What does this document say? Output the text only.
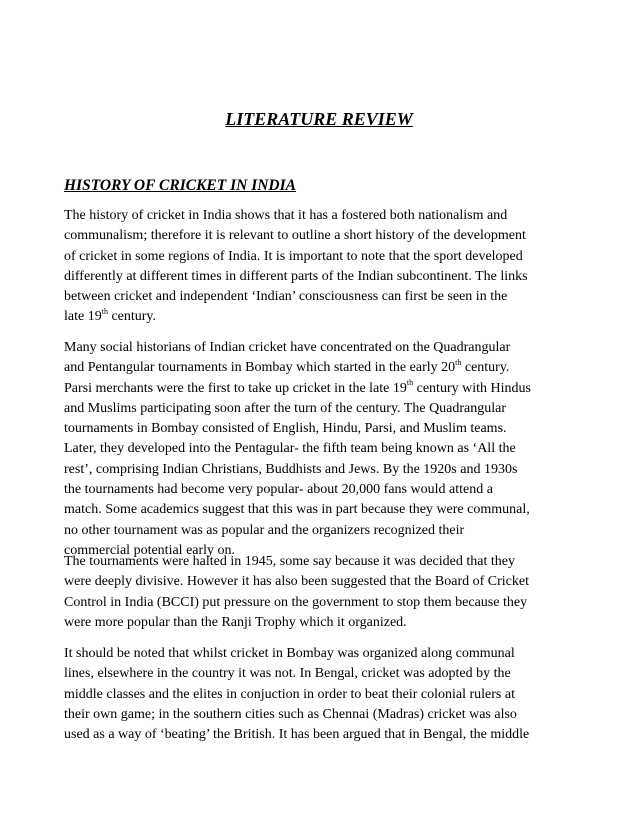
LITERATURE REVIEW
HISTORY OF CRICKET IN INDIA
The history of cricket in India shows that it has a fostered both nationalism and
communalism; therefore it is relevant to outline a short history of the development
of cricket in some regions of India. It is important to note that the sport developed
differently at different times in different parts of the Indian subcontinent. The links
between cricket and independent ‘Indian’ consciousness can first be seen in the
late 19th century.
Many social historians of Indian cricket have concentrated on the Quadrangular
and Pentangular tournaments in Bombay which started in the early 20th century.
Parsi merchants were the first to take up cricket in the late 19th century with Hindus
and Muslims participating soon after the turn of the century. The Quadrangular
tournaments in Bombay consisted of English, Hindu, Parsi, and Muslim teams.
Later, they developed into the Pentagular- the fifth team being known as ‘All the
rest’, comprising Indian Christians, Buddhists and Jews. By the 1920s and 1930s
the tournaments had become very popular- about 20,000 fans would attend a
match. Some academics suggest that this was in part because they were communal,
no other tournament was as popular and the organizers recognized their
commercial potential early on.
The tournaments were halted in 1945, some say because it was decided that they
were deeply divisive. However it has also been suggested that the Board of Cricket
Control in India (BCCI) put pressure on the government to stop them because they
were more popular than the Ranji Trophy which it organized.
It should be noted that whilst cricket in Bombay was organized along communal
lines, elsewhere in the country it was not. In Bengal, cricket was adopted by the
middle classes and the elites in conjuction in order to beat their colonial rulers at
their own game; in the southern cities such as Chennai (Madras) cricket was also
used as a way of ‘beating’ the British. It has been argued that in Bengal, the middle
